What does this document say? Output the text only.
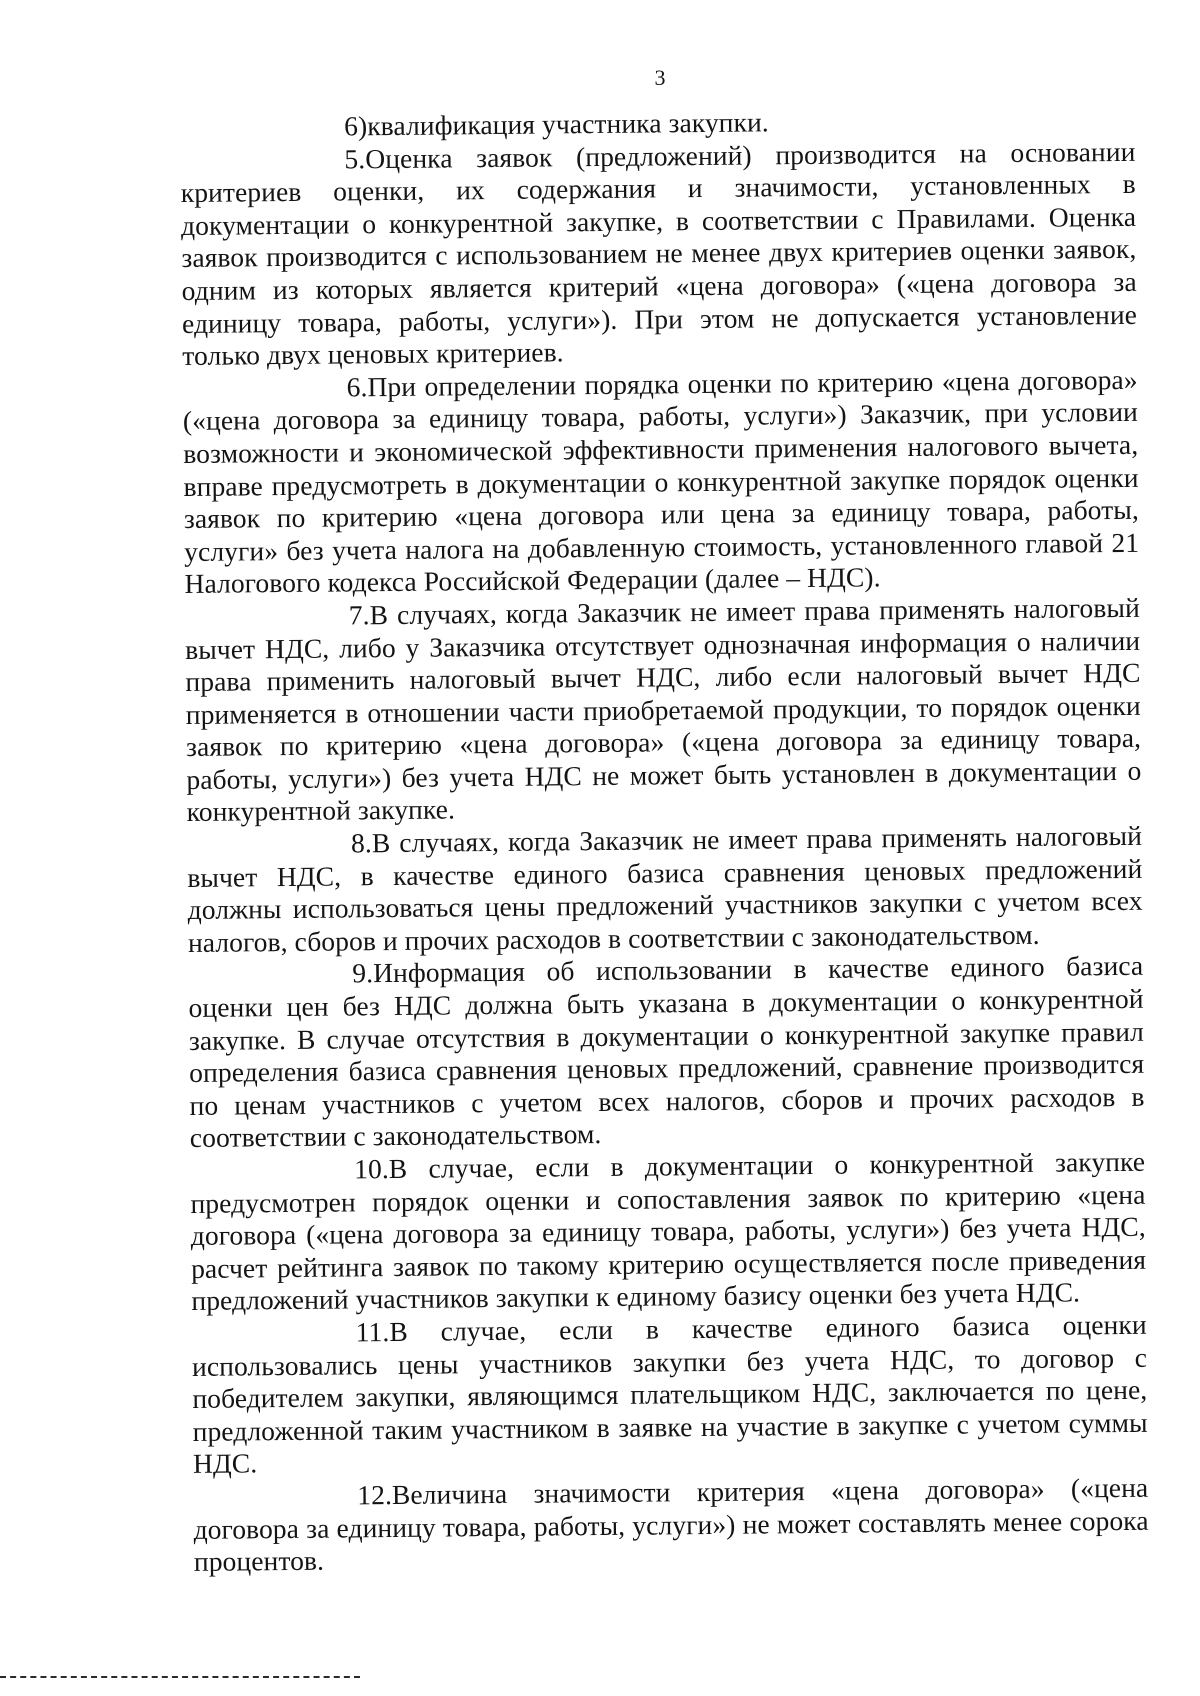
3

6)квалификация участника закупки.

5.Оценка заявок (предложений) производится на основании критериев оценки, их содержания и значимости, установленных в документации о конкурентной закупке, в соответствии с Правилами. Оценка заявок производится с использованием не менее двух критериев оценки заявок, одним из которых является критерий «цена договора» («цена договора за единицу товара, работы, услуги»). При этом не допускается установление только двух ценовых критериев.

6.При определении порядка оценки по критерию «цена договора» («цена договора за единицу товара, работы, услуги») Заказчик, при условии возможности и экономической эффективности применения налогового вычета, вправе предусмотреть в документации о конкурентной закупке порядок оценки заявок по критерию «цена договора или цена за единицу товара, работы, услуги» без учета налога на добавленную стоимость, установленного главой 21 Налогового кодекса Российской Федерации (далее – НДС).

7.В случаях, когда Заказчик не имеет права применять налоговый вычет НДС, либо у Заказчика отсутствует однозначная информация о наличии права применить налоговый вычет НДС, либо если налоговый вычет НДС применяется в отношении части приобретаемой продукции, то порядок оценки заявок по критерию «цена договора» («цена договора за единицу товара, работы, услуги») без учета НДС не может быть установлен в документации о конкурентной закупке.

8.В случаях, когда Заказчик не имеет права применять налоговый вычет НДС, в качестве единого базиса сравнения ценовых предложений должны использоваться цены предложений участников закупки с учетом всех налогов, сборов и прочих расходов в соответствии с законодательством.

9.Информация об использовании в качестве единого базиса оценки цен без НДС должна быть указана в документации о конкурентной закупке. В случае отсутствия в документации о конкурентной закупке правил определения базиса сравнения ценовых предложений, сравнение производится по ценам участников с учетом всех налогов, сборов и прочих расходов в соответствии с законодательством.

10.В случае, если в документации о конкурентной закупке предусмотрен порядок оценки и сопоставления заявок по критерию «цена договора («цена договора за единицу товара, работы, услуги») без учета НДС, расчет рейтинга заявок по такому критерию осуществляется после приведения предложений участников закупки к единому базису оценки без учета НДС.

11.В случае, если в качестве единого базиса оценки использовались цены участников закупки без учета НДС, то договор с победителем закупки, являющимся плательщиком НДС, заключается по цене, предложенной таким участником в заявке на участие в закупке с учетом суммы НДС.

12.Величина значимости критерия «цена договора» («цена договора за единицу товара, работы, услуги») не может составлять менее сорока процентов.
